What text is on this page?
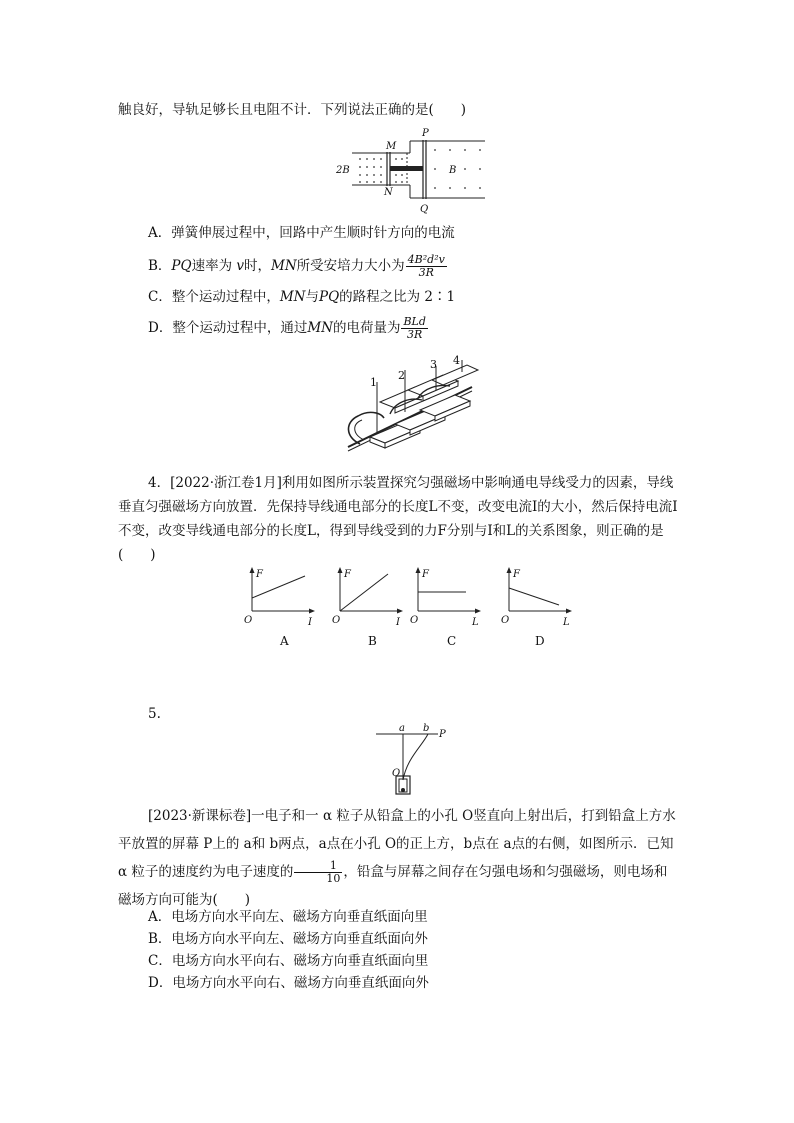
触良好，导轨足够长且电阻不计．下列说法正确的是(　　)
2B
M
N
P
Q
B
A．弹簧伸展过程中，回路中产生顺时针方向的电流
B．PQ速率为 v时，MN所受安培力大小为 $\frac{\text{4B²d²v}}{3R}$
C．整个运动过程中，MN与PQ的路程之比为 2∶1
D．整个运动过程中，通过MN的电荷量为 $\frac{\text{BLd}}{3R}$
1
2
3 4
4．[2022·浙江卷1月]利用如图所示装置探究匀强磁场中影响通电导线受力的因素，导线垂直匀强磁场方向放置．先保持导线通电部分的长度L不变，改变电流I的大小，然后保持电流I不变，改变导线通电部分的长度L，得到导线受到的力F分别与I和L的关系图象，则正确的是(　　)
F
O	I
A
F
O	I
B
F
O	L
C
F
O	L
D
5.
a b
P
O
[2023·新课标卷]一电子和一 α 粒子从铅盒上的小孔 O竖直向上射出后，打到铅盒上方水平放置的屏幕 P上的 a和 b两点，a点在小孔 O的正上方，b点在 a点的右侧，如图所示．已知 α 粒子的速度约为电子速度的 $\frac{1}{10}$ ，铅盒与屏幕之间存在匀强电场和匀强磁场，则电场和磁场方向可能为(　　)
A．电场方向水平向左、磁场方向垂直纸面向里
B．电场方向水平向左、磁场方向垂直纸面向外
C．电场方向水平向右、磁场方向垂直纸面向里
D．电场方向水平向右、磁场方向垂直纸面向外
